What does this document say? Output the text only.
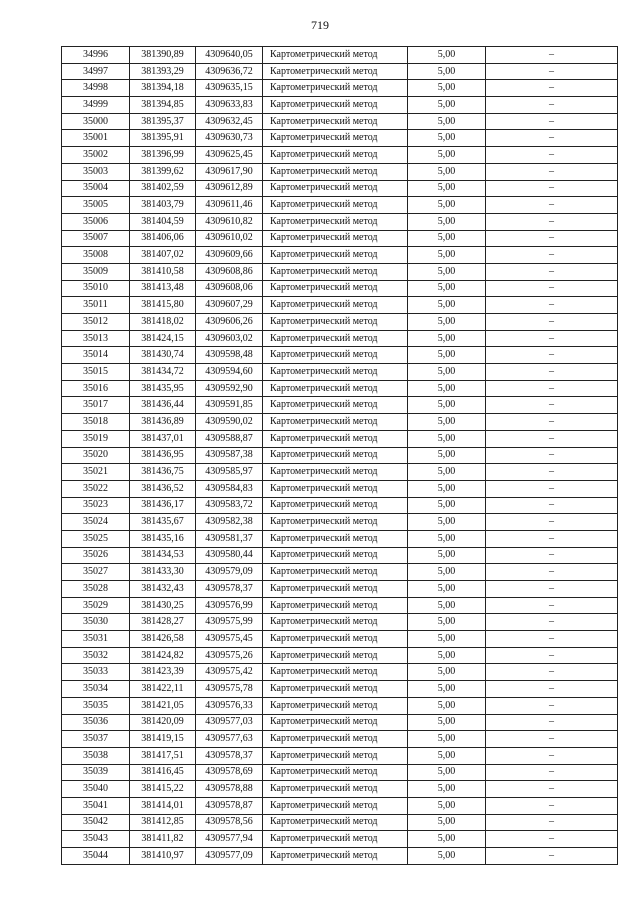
719
34996	381390,89	4309640,05	Картометрический метод	5,00	–
34997	381393,29	4309636,72	Картометрический метод	5,00	–
34998	381394,18	4309635,15	Картометрический метод	5,00	–
34999	381394,85	4309633,83	Картометрический метод	5,00	–
35000	381395,37	4309632,45	Картометрический метод	5,00	–
35001	381395,91	4309630,73	Картометрический метод	5,00	–
35002	381396,99	4309625,45	Картометрический метод	5,00	–
35003	381399,62	4309617,90	Картометрический метод	5,00	–
35004	381402,59	4309612,89	Картометрический метод	5,00	–
35005	381403,79	4309611,46	Картометрический метод	5,00	–
35006	381404,59	4309610,82	Картометрический метод	5,00	–
35007	381406,06	4309610,02	Картометрический метод	5,00	–
35008	381407,02	4309609,66	Картометрический метод	5,00	–
35009	381410,58	4309608,86	Картометрический метод	5,00	–
35010	381413,48	4309608,06	Картометрический метод	5,00	–
35011	381415,80	4309607,29	Картометрический метод	5,00	–
35012	381418,02	4309606,26	Картометрический метод	5,00	–
35013	381424,15	4309603,02	Картометрический метод	5,00	–
35014	381430,74	4309598,48	Картометрический метод	5,00	–
35015	381434,72	4309594,60	Картометрический метод	5,00	–
35016	381435,95	4309592,90	Картометрический метод	5,00	–
35017	381436,44	4309591,85	Картометрический метод	5,00	–
35018	381436,89	4309590,02	Картометрический метод	5,00	–
35019	381437,01	4309588,87	Картометрический метод	5,00	–
35020	381436,95	4309587,38	Картометрический метод	5,00	–
35021	381436,75	4309585,97	Картометрический метод	5,00	–
35022	381436,52	4309584,83	Картометрический метод	5,00	–
35023	381436,17	4309583,72	Картометрический метод	5,00	–
35024	381435,67	4309582,38	Картометрический метод	5,00	–
35025	381435,16	4309581,37	Картометрический метод	5,00	–
35026	381434,53	4309580,44	Картометрический метод	5,00	–
35027	381433,30	4309579,09	Картометрический метод	5,00	–
35028	381432,43	4309578,37	Картометрический метод	5,00	–
35029	381430,25	4309576,99	Картометрический метод	5,00	–
35030	381428,27	4309575,99	Картометрический метод	5,00	–
35031	381426,58	4309575,45	Картометрический метод	5,00	–
35032	381424,82	4309575,26	Картометрический метод	5,00	–
35033	381423,39	4309575,42	Картометрический метод	5,00	–
35034	381422,11	4309575,78	Картометрический метод	5,00	–
35035	381421,05	4309576,33	Картометрический метод	5,00	–
35036	381420,09	4309577,03	Картометрический метод	5,00	–
35037	381419,15	4309577,63	Картометрический метод	5,00	–
35038	381417,51	4309578,37	Картометрический метод	5,00	–
35039	381416,45	4309578,69	Картометрический метод	5,00	–
35040	381415,22	4309578,88	Картометрический метод	5,00	–
35041	381414,01	4309578,87	Картометрический метод	5,00	–
35042	381412,85	4309578,56	Картометрический метод	5,00	–
35043	381411,82	4309577,94	Картометрический метод	5,00	–
35044	381410,97	4309577,09	Картометрический метод	5,00	–
